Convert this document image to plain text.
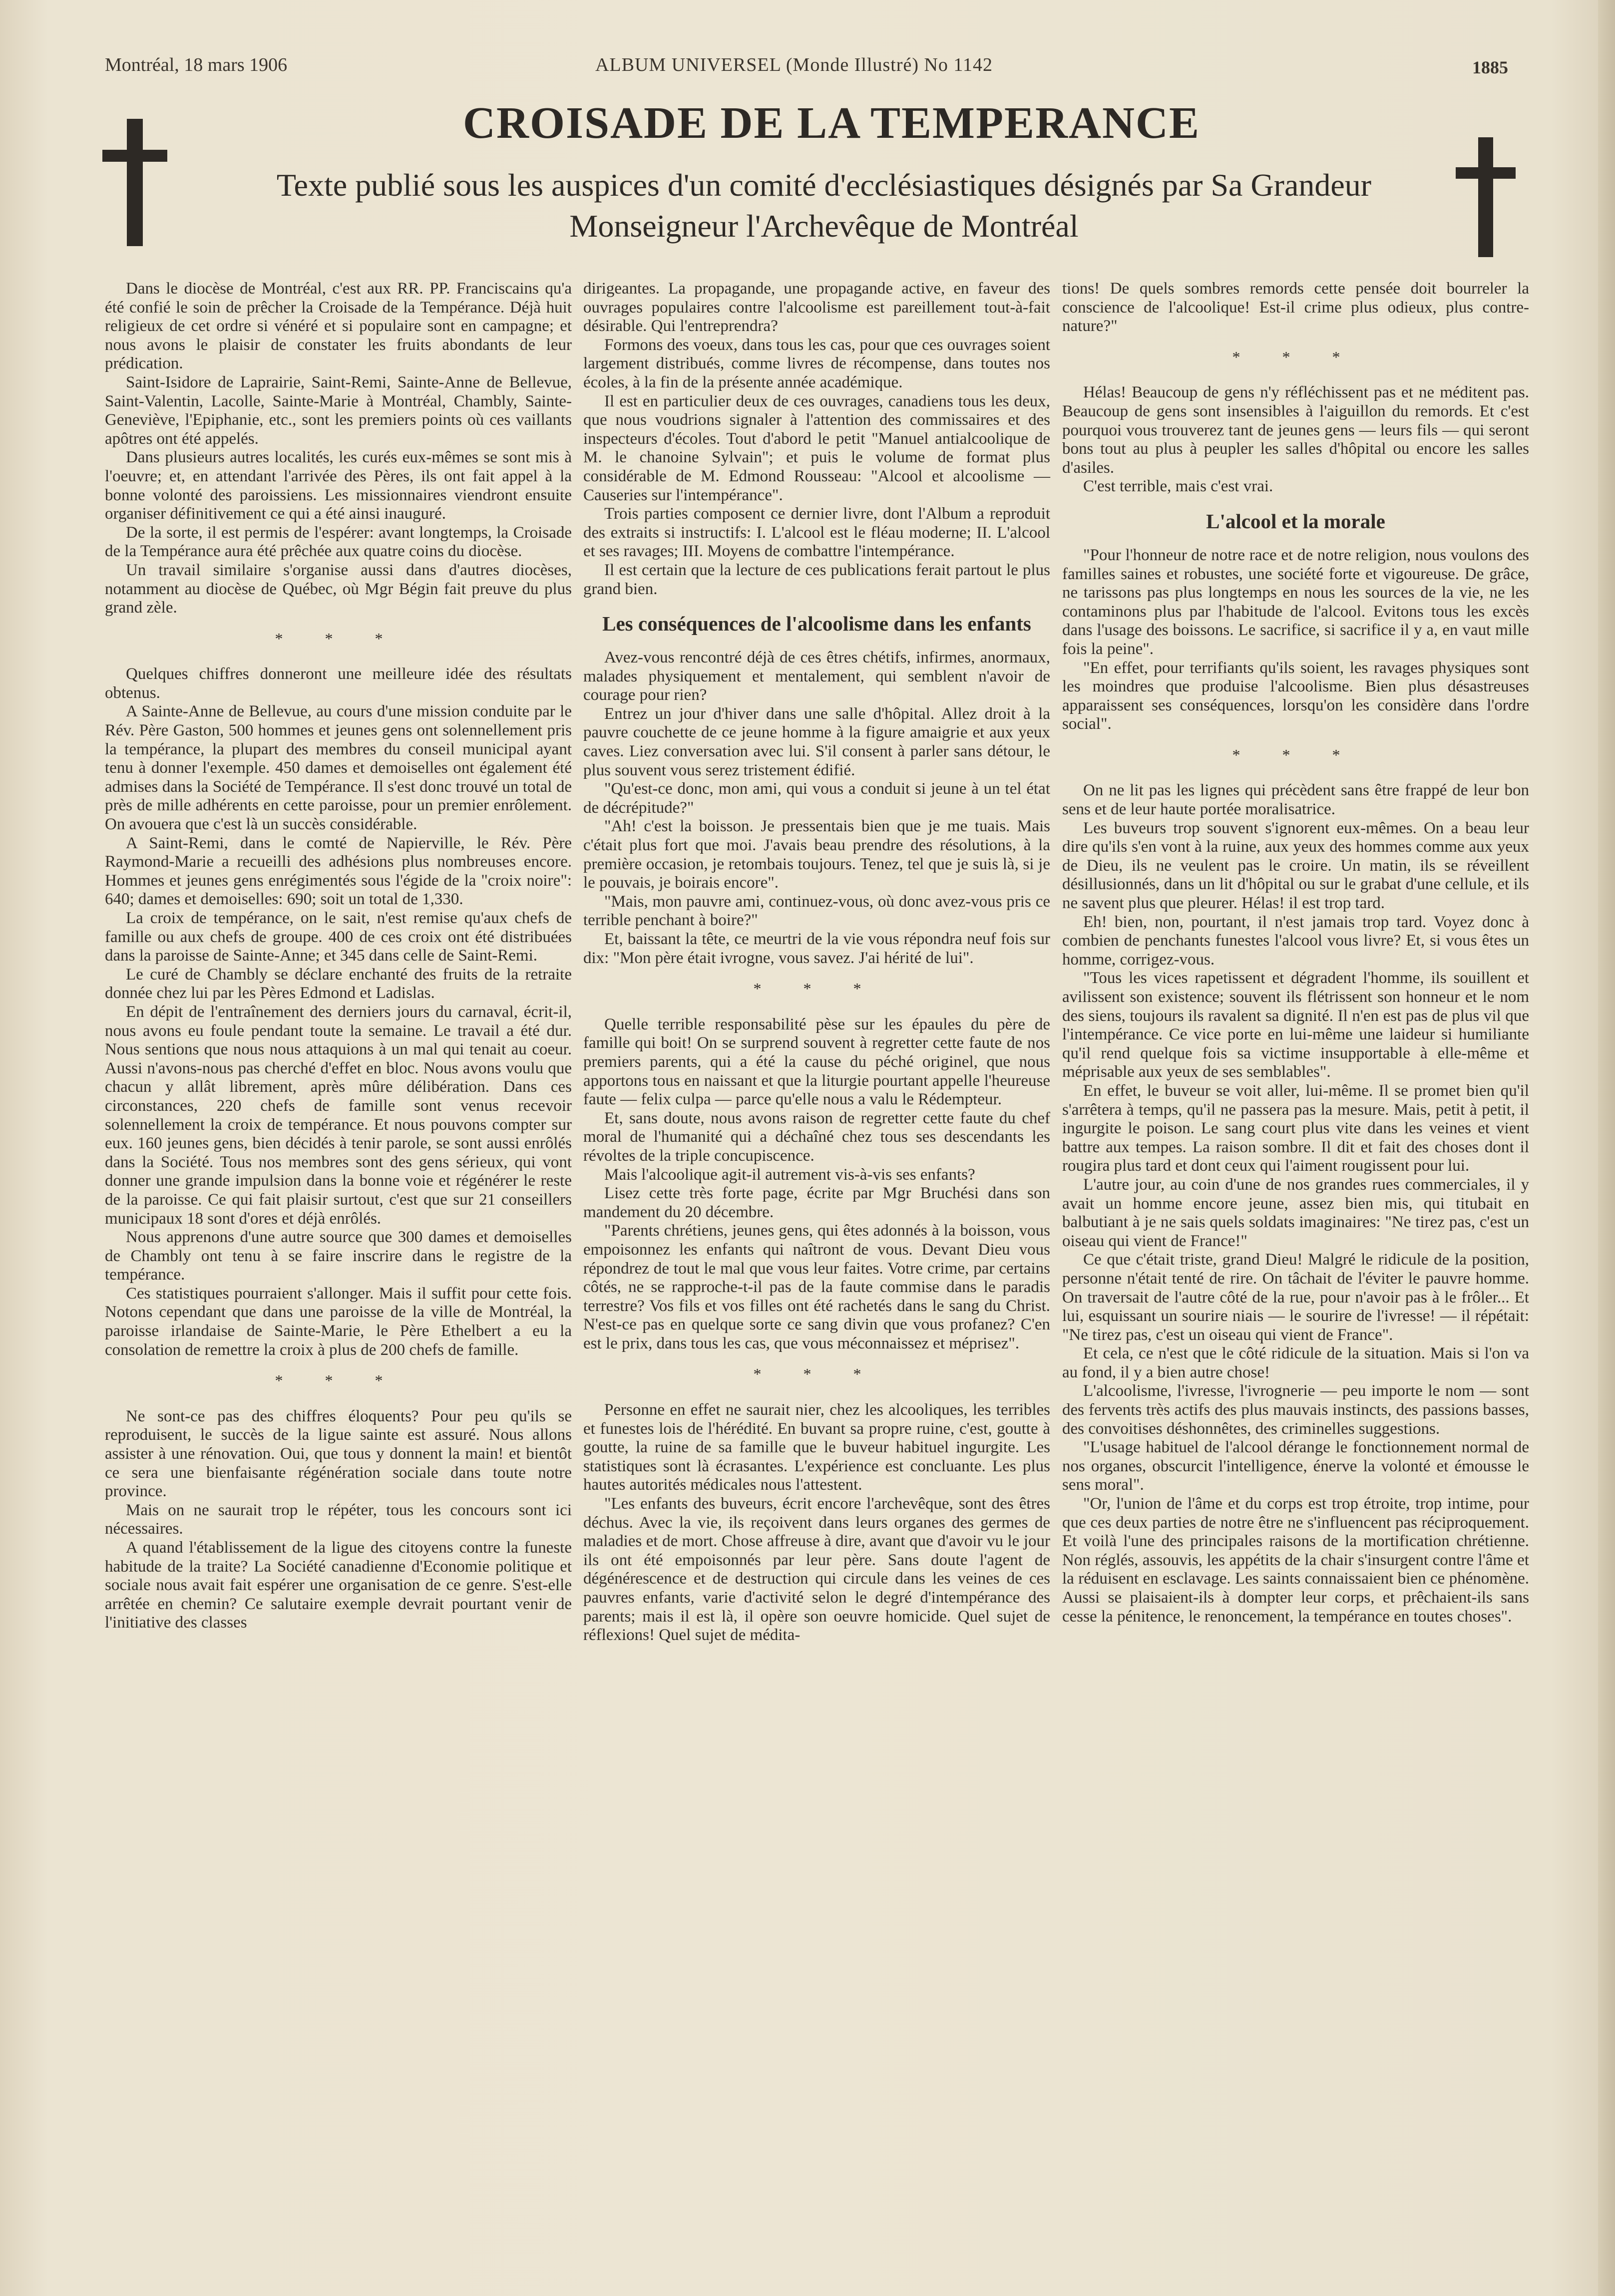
Montréal, 18 mars 1906	ALBUM UNIVERSEL (Monde Illustré) No 1142	1885
CROISADE DE LA TEMPERANCE
Texte publié sous les auspices d'un comité d'ecclésiastiques désignés par Sa Grandeur
Monseigneur l'Archevêque de Montréal

Dans le diocèse de Montréal, c'est aux RR. PP. Franciscains qu'a été confié le soin de prêcher la Croisade de la Tempérance. Déjà huit religieux de cet ordre si vénéré et si populaire sont en campagne; et nous avons le plaisir de constater les fruits abondants de leur prédication.

Saint-Isidore de Laprairie, Saint-Remi, Sainte-Anne de Bellevue, Saint-Valentin, Lacolle, Sainte-Marie à Montréal, Chambly, Sainte-Geneviève, l'Epiphanie, etc., sont les premiers points où ces vaillants apôtres ont été appelés.

Dans plusieurs autres localités, les curés eux-mêmes se sont mis à l'oeuvre; et, en attendant l'arrivée des Pères, ils ont fait appel à la bonne volonté des paroissiens. Les missionnaires viendront ensuite organiser définitivement ce qui a été ainsi inauguré.

De la sorte, il est permis de l'espérer: avant longtemps, la Croisade de la Tempérance aura été prêchée aux quatre coins du diocèse.

Un travail similaire s'organise aussi dans d'autres diocèses, notamment au diocèse de Québec, où Mgr Bégin fait preuve du plus grand zèle.

* * *

Quelques chiffres donneront une meilleure idée des résultats obtenus.

A Sainte-Anne de Bellevue, au cours d'une mission conduite par le Rév. Père Gaston, 500 hommes et jeunes gens ont solennellement pris la tempérance, la plupart des membres du conseil municipal ayant tenu à donner l'exemple. 450 dames et demoiselles ont également été admises dans la Société de Tempérance. Il s'est donc trouvé un total de près de mille adhérents en cette paroisse, pour un premier enrôlement. On avouera que c'est là un succès considérable.

A Saint-Remi, dans le comté de Napierville, le Rév. Père Raymond-Marie a recueilli des adhésions plus nombreuses encore. Hommes et jeunes gens enrégimentés sous l'égide de la "croix noire": 640; dames et demoiselles: 690; soit un total de 1,330.

La croix de tempérance, on le sait, n'est remise qu'aux chefs de famille ou aux chefs de groupe. 400 de ces croix ont été distribuées dans la paroisse de Sainte-Anne; et 345 dans celle de Saint-Remi.

Le curé de Chambly se déclare enchanté des fruits de la retraite donnée chez lui par les Pères Edmond et Ladislas.

En dépit de l'entraînement des derniers jours du carnaval, écrit-il, nous avons eu foule pendant toute la semaine. Le travail a été dur. Nous sentions que nous nous attaquions à un mal qui tenait au coeur. Aussi n'avons-nous pas cherché d'effet en bloc. Nous avons voulu que chacun y allât librement, après mûre délibération. Dans ces circonstances, 220 chefs de famille sont venus recevoir solennellement la croix de tempérance. Et nous pouvons compter sur eux. 160 jeunes gens, bien décidés à tenir parole, se sont aussi enrôlés dans la Société. Tous nos membres sont des gens sérieux, qui vont donner une grande impulsion dans la bonne voie et régénérer le reste de la paroisse. Ce qui fait plaisir surtout, c'est que sur 21 conseillers municipaux 18 sont d'ores et déjà enrôlés.

Nous apprenons d'une autre source que 300 dames et demoiselles de Chambly ont tenu à se faire inscrire dans le registre de la tempérance.

Ces statistiques pourraient s'allonger. Mais il suffit pour cette fois. Notons cependant que dans une paroisse de la ville de Montréal, la paroisse irlandaise de Sainte-Marie, le Père Ethelbert a eu la consolation de remettre la croix à plus de 200 chefs de famille.

* * *

Ne sont-ce pas des chiffres éloquents? Pour peu qu'ils se reproduisent, le succès de la ligue sainte est assuré. Nous allons assister à une rénovation. Oui, que tous y donnent la main! et bientôt ce sera une bienfaisante régénération sociale dans toute notre province.

Mais on ne saurait trop le répéter, tous les concours sont ici nécessaires.

A quand l'établissement de la ligue des citoyens contre la funeste habitude de la traite? La Société canadienne d'Economie politique et sociale nous avait fait espérer une organisation de ce genre. S'est-elle arrêtée en chemin? Ce salutaire exemple devrait pourtant venir de l'initiative des classes

dirigeantes. La propagande, une propagande active, en faveur des ouvrages populaires contre l'alcoolisme est pareillement tout-à-fait désirable. Qui l'entreprendra?

Formons des voeux, dans tous les cas, pour que ces ouvrages soient largement distribués, comme livres de récompense, dans toutes nos écoles, à la fin de la présente année académique.

Il est en particulier deux de ces ouvrages, canadiens tous les deux, que nous voudrions signaler à l'attention des commissaires et des inspecteurs d'écoles. Tout d'abord le petit "Manuel antialcoolique de M. le chanoine Sylvain"; et puis le volume de format plus considérable de M. Edmond Rousseau: "Alcool et alcoolisme — Causeries sur l'intempérance".

Trois parties composent ce dernier livre, dont l'Album a reproduit des extraits si instructifs: I. L'alcool est le fléau moderne; II. L'alcool et ses ravages; III. Moyens de combattre l'intempérance.

Il est certain que la lecture de ces publications ferait partout le plus grand bien.

Les conséquences de l'alcoolisme dans les enfants

Avez-vous rencontré déjà de ces êtres chétifs, infirmes, anormaux, malades physiquement et mentalement, qui semblent n'avoir de courage pour rien?

Entrez un jour d'hiver dans une salle d'hôpital. Allez droit à la pauvre couchette de ce jeune homme à la figure amaigrie et aux yeux caves. Liez conversation avec lui. S'il consent à parler sans détour, le plus souvent vous serez tristement édifié.

"Qu'est-ce donc, mon ami, qui vous a conduit si jeune à un tel état de décrépitude?"

"Ah! c'est la boisson. Je pressentais bien que je me tuais. Mais c'était plus fort que moi. J'avais beau prendre des résolutions, à la première occasion, je retombais toujours. Tenez, tel que je suis là, si je le pouvais, je boirais encore".

"Mais, mon pauvre ami, continuez-vous, où donc avez-vous pris ce terrible penchant à boire?"

Et, baissant la tête, ce meurtri de la vie vous répondra neuf fois sur dix: "Mon père était ivrogne, vous savez. J'ai hérité de lui".

* * *

Quelle terrible responsabilité pèse sur les épaules du père de famille qui boit! On se surprend souvent à regretter cette faute de nos premiers parents, qui a été la cause du péché originel, que nous apportons tous en naissant et que la liturgie pourtant appelle l'heureuse faute — felix culpa — parce qu'elle nous a valu le Rédempteur.

Et, sans doute, nous avons raison de regretter cette faute du chef moral de l'humanité qui a déchaîné chez tous ses descendants les révoltes de la triple concupiscence.

Mais l'alcoolique agit-il autrement vis-à-vis ses enfants?

Lisez cette très forte page, écrite par Mgr Bruchési dans son mandement du 20 décembre.

"Parents chrétiens, jeunes gens, qui êtes adonnés à la boisson, vous empoisonnez les enfants qui naîtront de vous. Devant Dieu vous répondrez de tout le mal que vous leur faites. Votre crime, par certains côtés, ne se rapproche-t-il pas de la faute commise dans le paradis terrestre? Vos fils et vos filles ont été rachetés dans le sang du Christ. N'est-ce pas en quelque sorte ce sang divin que vous profanez? C'en est le prix, dans tous les cas, que vous méconnaissez et méprisez".

* * *

Personne en effet ne saurait nier, chez les alcooliques, les terribles et funestes lois de l'hérédité. En buvant sa propre ruine, c'est, goutte à goutte, la ruine de sa famille que le buveur habituel ingurgite. Les statistiques sont là écrasantes. L'expérience est concluante. Les plus hautes autorités médicales nous l'attestent.

"Les enfants des buveurs, écrit encore l'archevêque, sont des êtres déchus. Avec la vie, ils reçoivent dans leurs organes des germes de maladies et de mort. Chose affreuse à dire, avant que d'avoir vu le jour ils ont été empoisonnés par leur père. Sans doute l'agent de dégénérescence et de destruction qui circule dans les veines de ces pauvres enfants, varie d'activité selon le degré d'intempérance des parents; mais il est là, il opère son oeuvre homicide. Quel sujet de réflexions! Quel sujet de médita-

tions! De quels sombres remords cette pensée doit bourreler la conscience de l'alcoolique! Est-il crime plus odieux, plus contre-nature?"

* * *

Hélas! Beaucoup de gens n'y réfléchissent pas et ne méditent pas. Beaucoup de gens sont insensibles à l'aiguillon du remords. Et c'est pourquoi vous trouverez tant de jeunes gens — leurs fils — qui seront bons tout au plus à peupler les salles d'hôpital ou encore les salles d'asiles.

C'est terrible, mais c'est vrai.

L'alcool et la morale

"Pour l'honneur de notre race et de notre religion, nous voulons des familles saines et robustes, une société forte et vigoureuse. De grâce, ne tarissons pas plus longtemps en nous les sources de la vie, ne les contaminons plus par l'habitude de l'alcool. Evitons tous les excès dans l'usage des boissons. Le sacrifice, si sacrifice il y a, en vaut mille fois la peine".

"En effet, pour terrifiants qu'ils soient, les ravages physiques sont les moindres que produise l'alcoolisme. Bien plus désastreuses apparaissent ses conséquences, lorsqu'on les considère dans l'ordre social".

* * *

On ne lit pas les lignes qui précèdent sans être frappé de leur bon sens et de leur haute portée moralisatrice.

Les buveurs trop souvent s'ignorent eux-mêmes. On a beau leur dire qu'ils s'en vont à la ruine, aux yeux des hommes comme aux yeux de Dieu, ils ne veulent pas le croire. Un matin, ils se réveillent désillusionnés, dans un lit d'hôpital ou sur le grabat d'une cellule, et ils ne savent plus que pleurer. Hélas! il est trop tard.

Eh! bien, non, pourtant, il n'est jamais trop tard. Voyez donc à combien de penchants funestes l'alcool vous livre? Et, si vous êtes un homme, corrigez-vous.

"Tous les vices rapetissent et dégradent l'homme, ils souillent et avilissent son existence; souvent ils flétrissent son honneur et le nom des siens, toujours ils ravalent sa dignité. Il n'en est pas de plus vil que l'intempérance. Ce vice porte en lui-même une laideur si humiliante qu'il rend quelque fois sa victime insupportable à elle-même et méprisable aux yeux de ses semblables".

En effet, le buveur se voit aller, lui-même. Il se promet bien qu'il s'arrêtera à temps, qu'il ne passera pas la mesure. Mais, petit à petit, il ingurgite le poison. Le sang court plus vite dans les veines et vient battre aux tempes. La raison sombre. Il dit et fait des choses dont il rougira plus tard et dont ceux qui l'aiment rougissent pour lui.

L'autre jour, au coin d'une de nos grandes rues commerciales, il y avait un homme encore jeune, assez bien mis, qui titubait en balbutiant à je ne sais quels soldats imaginaires: "Ne tirez pas, c'est un oiseau qui vient de France!"

Ce que c'était triste, grand Dieu! Malgré le ridicule de la position, personne n'était tenté de rire. On tâchait de l'éviter le pauvre homme. On traversait de l'autre côté de la rue, pour n'avoir pas à le frôler... Et lui, esquissant un sourire niais — le sourire de l'ivresse! — il répétait: "Ne tirez pas, c'est un oiseau qui vient de France".

Et cela, ce n'est que le côté ridicule de la situation. Mais si l'on va au fond, il y a bien autre chose!

L'alcoolisme, l'ivresse, l'ivrognerie — peu importe le nom — sont des fervents très actifs des plus mauvais instincts, des passions basses, des convoitises déshonnêtes, des criminelles suggestions.

"L'usage habituel de l'alcool dérange le fonctionnement normal de nos organes, obscurcit l'intelligence, énerve la volonté et émousse le sens moral".

"Or, l'union de l'âme et du corps est trop étroite, trop intime, pour que ces deux parties de notre être ne s'influencent pas réciproquement. Et voilà l'une des principales raisons de la mortification chrétienne. Non réglés, assouvis, les appétits de la chair s'insurgent contre l'âme et la réduisent en esclavage. Les saints connaissaient bien ce phénomène. Aussi se plaisaient-ils à dompter leur corps, et prêchaient-ils sans cesse la pénitence, le renoncement, la tempérance en toutes choses".
